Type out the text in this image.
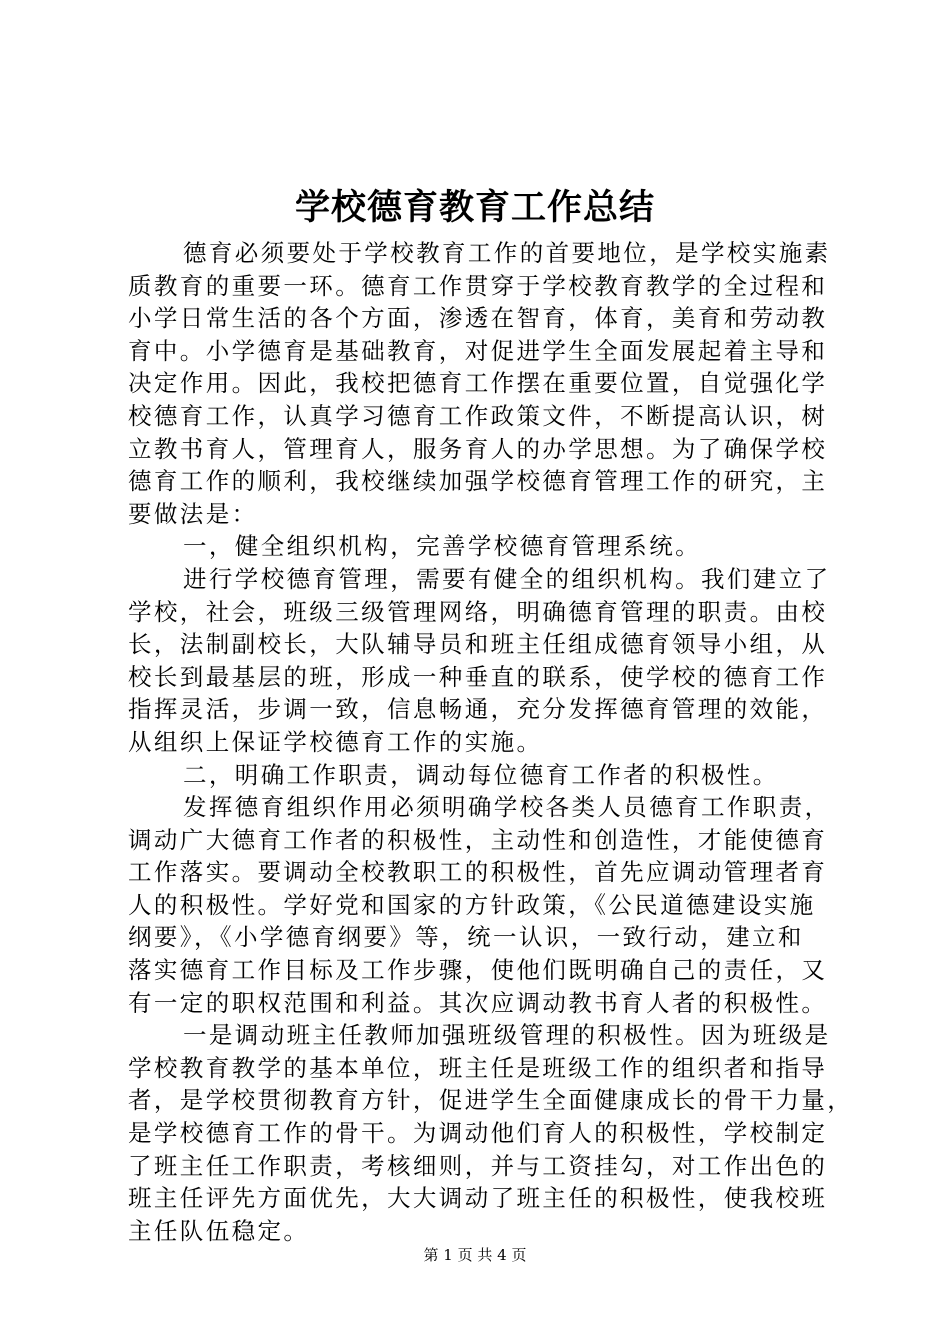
学校德育教育工作总结
德育必须要处于学校教育工作的首要地位，是学校实施素
质教育的重要一环。德育工作贯穿于学校教育教学的全过程和
小学日常生活的各个方面，渗透在智育，体育，美育和劳动教
育中。小学德育是基础教育，对促进学生全面发展起着主导和
决定作用。因此，我校把德育工作摆在重要位置，自觉强化学
校德育工作，认真学习德育工作政策文件，不断提高认识，树
立教书育人，管理育人，服务育人的办学思想。为了确保学校
德育工作的顺利，我校继续加强学校德育管理工作的研究，主
要做法是：
一，健全组织机构，完善学校德育管理系统。
进行学校德育管理，需要有健全的组织机构。我们建立了
学校，社会，班级三级管理网络，明确德育管理的职责。由校
长，法制副校长，大队辅导员和班主任组成德育领导小组，从
校长到最基层的班，形成一种垂直的联系，使学校的德育工作
指挥灵活，步调一致，信息畅通，充分发挥德育管理的效能，
从组织上保证学校德育工作的实施。
二，明确工作职责，调动每位德育工作者的积极性。
发挥德育组织作用必须明确学校各类人员德育工作职责，
调动广大德育工作者的积极性，主动性和创造性，才能使德育
工作落实。要调动全校教职工的积极性，首先应调动管理者育
人的积极性。学好党和国家的方针政策，《公民道德建设实施
纲要》，《小学德育纲要》等，统一认识，一致行动，建立和
落实德育工作目标及工作步骤，使他们既明确自己的责任，又
有一定的职权范围和利益。其次应调动教书育人者的积极性。
一是调动班主任教师加强班级管理的积极性。因为班级是
学校教育教学的基本单位，班主任是班级工作的组织者和指导
者，是学校贯彻教育方针，促进学生全面健康成长的骨干力量，
是学校德育工作的骨干。为调动他们育人的积极性，学校制定
了班主任工作职责，考核细则，并与工资挂勾，对工作出色的
班主任评先方面优先，大大调动了班主任的积极性，使我校班
主任队伍稳定。
第 1 页 共 4 页
